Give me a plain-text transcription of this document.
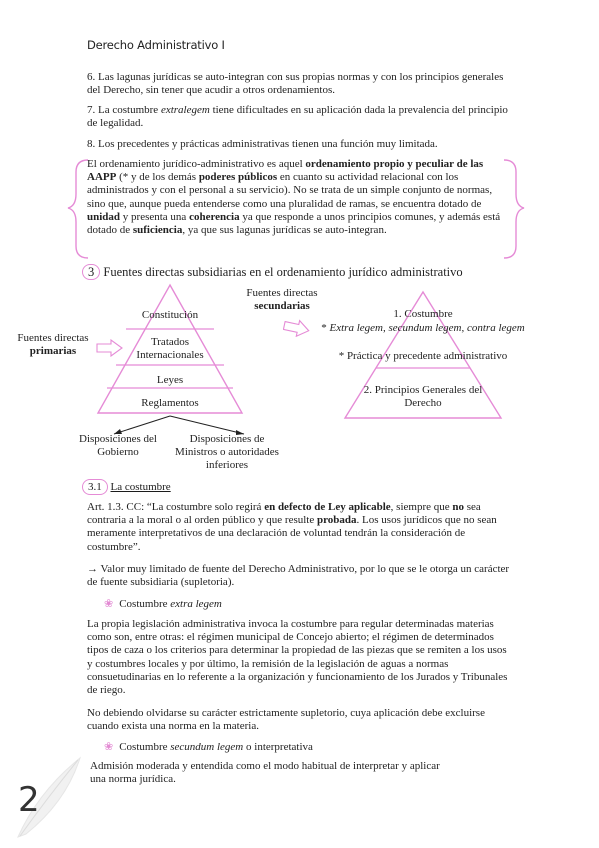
Derecho Administrativo I
6. Las lagunas jurídicas se auto-integran con sus propias normas y con los principios generales del Derecho, sin tener que acudir a otros ordenamientos.
7. La costumbre extralegem tiene dificultades en su aplicación dada la prevalencia del principio de legalidad.
8. Los precedentes y prácticas administrativas tienen una función muy limitada.
El ordenamiento jurídico-administrativo es aquel ordenamiento propio y peculiar de las AAPP (* y de los demás poderes públicos en cuanto su actividad relacional con los administrados y con el personal a su servicio). No se trata de un simple conjunto de normas, sino que, aunque pueda entenderse como una pluralidad de ramas, se encuentra dotado de unidad y presenta una coherencia ya que responde a unos principios comunes, y además está dotado de suficiencia, ya que sus lagunas jurídicas se auto-integran.
3 Fuentes directas subsidiarias en el ordenamiento jurídico administrativo
Constitución
Tratados Internacionales
Leyes
Reglamentos
Fuentes directas
primarias
Disposiciones del Gobierno
Disposiciones de Ministros o autoridades inferiores
Fuentes directas
secundarias
1. Costumbre
* Extra legem, secundum legem, contra legem
* Práctica y precedente administrativo
2. Principios Generales del Derecho
3.1 La costumbre
Art. 1.3. CC: “La costumbre solo regirá en defecto de Ley aplicable, siempre que no sea contraria a la moral o al orden público y que resulte probada. Los usos jurídicos que no sean meramente interpretativos de una declaración de voluntad tendrán la consideración de costumbre”.
→ Valor muy limitado de fuente del Derecho Administrativo, por lo que se le otorga un carácter de fuente subsidiaria (supletoria).
❀ Costumbre extra legem
La propia legislación administrativa invoca la costumbre para regular determinadas materias como son, entre otras: el régimen municipal de Concejo abierto; el régimen de determinados tipos de caza o los criterios para determinar la propiedad de las piezas que se remiten a los usos y costumbres locales y por último, la remisión de la legislación de aguas a normas consuetudinarias en lo referente a la organización y funcionamiento de los Jurados y Tribunales de riego.
No debiendo olvidarse su carácter estrictamente supletorio, cuya aplicación debe excluirse cuando exista una norma en la materia.
❀ Costumbre secundum legem o interpretativa
Admisión moderada y entendida como el modo habitual de interpretar y aplicar una norma jurídica.
2
